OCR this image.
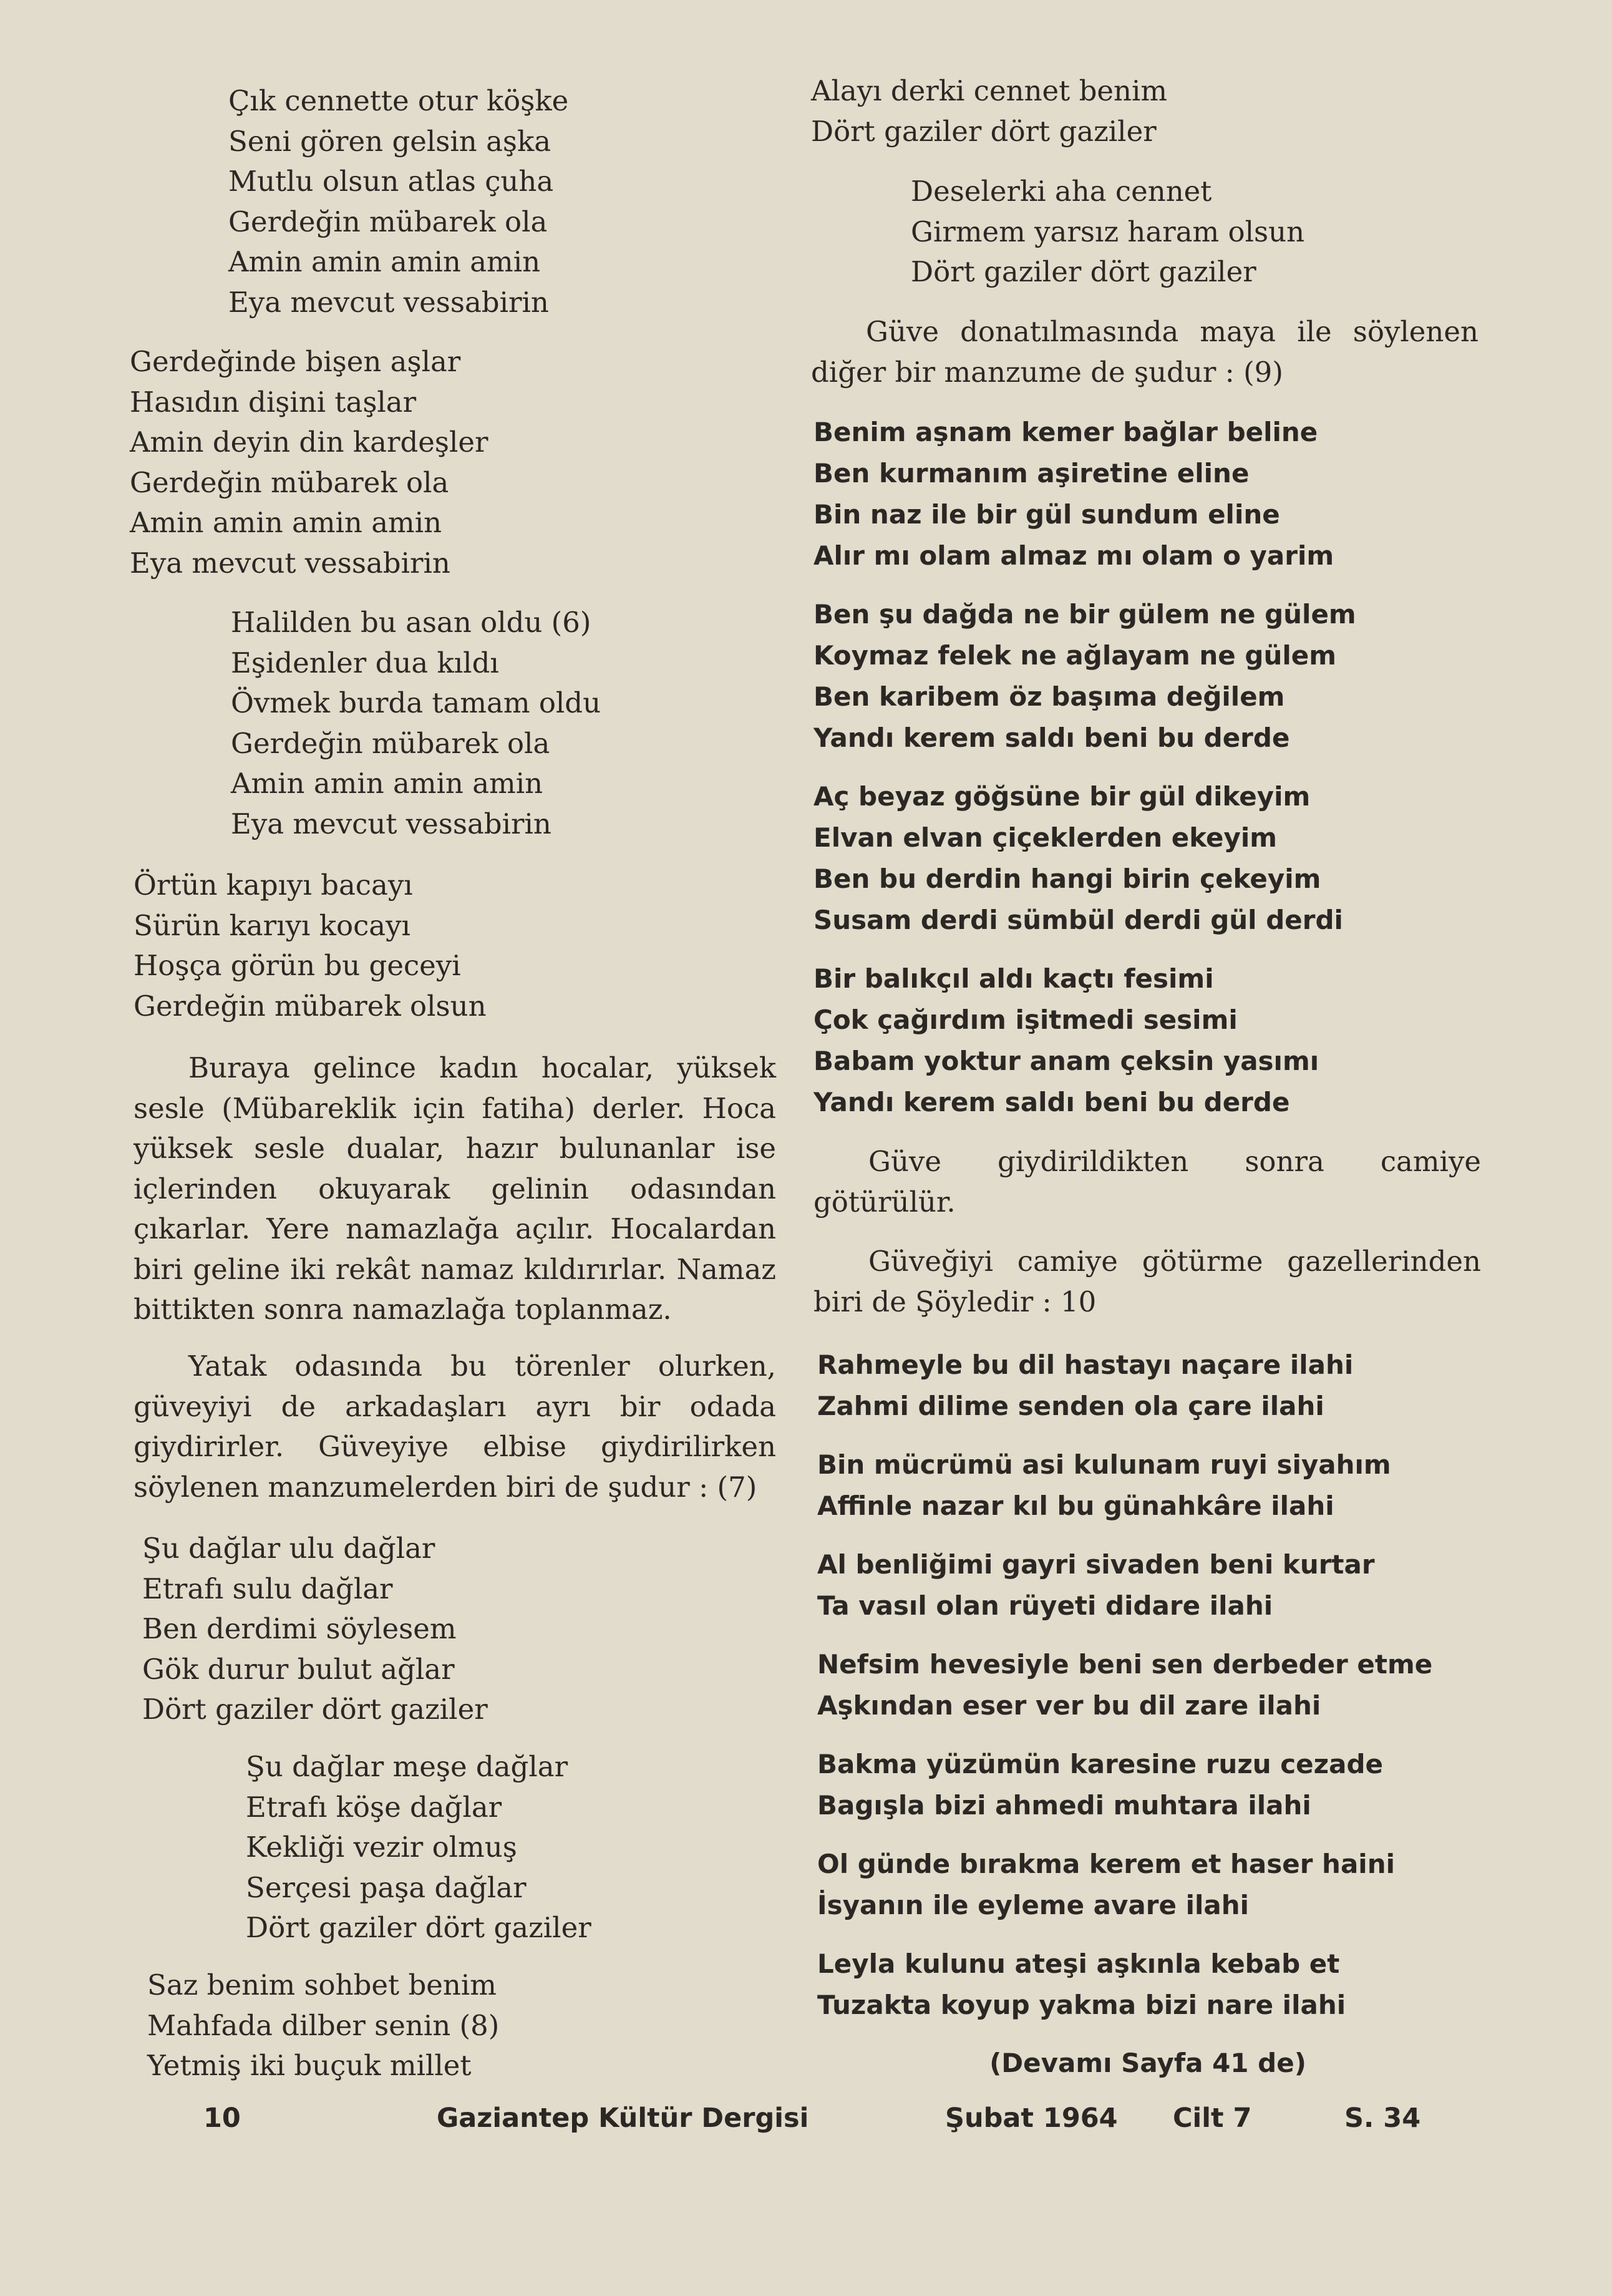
Çık cennette otur köşke
Seni gören gelsin aşka
Mutlu olsun atlas çuha
Gerdeğin mübarek ola
Amin amin amin amin
Eya mevcut vessabirin
Gerdeğinde bişen aşlar
Hasıdın dişini taşlar
Amin deyin din kardeşler
Gerdeğin mübarek ola
Amin amin amin amin
Eya mevcut vessabirin
Halilden bu asan oldu (6)
Eşidenler dua kıldı
Övmek burda tamam oldu
Gerdeğin mübarek ola
Amin amin amin amin
Eya mevcut vessabirin
Örtün kapıyı bacayı
Sürün karıyı kocayı
Hoşça görün bu geceyi
Gerdeğin mübarek olsun

Buraya gelince kadın hocalar, yüksek sesle (Mübareklik için fatiha) derler. Hoca yüksek sesle dualar, hazır bulunanlar ise içlerinden okuyarak gelinin odasından çıkarlar. Yere namazlağa açılır. Hocalardan biri geline iki rekât namaz kıldırırlar. Namaz bittikten sonra namazlağa toplanmaz.

Yatak odasında bu törenler olurken, güveyiyi de arkadaşları ayrı bir odada giydirirler. Güveyiye elbise giydirilirken söylenen manzumelerden biri de şudur : (7)

Şu dağlar ulu dağlar
Etrafı sulu dağlar
Ben derdimi söylesem
Gök durur bulut ağlar
Dört gaziler dört gaziler
Şu dağlar meşe dağlar
Etrafı köşe dağlar
Kekliği vezir olmuş
Serçesi paşa dağlar
Dört gaziler dört gaziler
Saz benim sohbet benim
Mahfada dilber senin (8)
Yetmiş iki buçuk millet
Alayı derki cennet benim
Dört gaziler dört gaziler
Deselerki aha cennet
Girmem yarsız haram olsun
Dört gaziler dört gaziler

Güve donatılmasında maya ile söylenen diğer bir manzume de şudur : (9)

Benim aşnam kemer bağlar beline
Ben kurmanım aşiretine eline
Bin naz ile bir gül sundum eline
Alır mı olam almaz mı olam o yarim
Ben şu dağda ne bir gülem ne gülem
Koymaz felek ne ağlayam ne gülem
Ben karibem öz başıma değilem
Yandı kerem saldı beni bu derde
Aç beyaz göğsüne bir gül dikeyim
Elvan elvan çiçeklerden ekeyim
Ben bu derdin hangi birin çekeyim
Susam derdi sümbül derdi gül derdi
Bir balıkçıl aldı kaçtı fesimi
Çok çağırdım işitmedi sesimi
Babam yoktur anam çeksin yasımı
Yandı kerem saldı beni bu derde

Güve giydirildikten sonra camiye götürülür.

Güveğiyi camiye götürme gazellerinden biri de Şöyledir : 10

Rahmeyle bu dil hastayı naçare ilahi
Zahmi dilime senden ola çare ilahi
Bin mücrümü asi kulunam ruyi siyahım
Affinle nazar kıl bu günahkâre ilahi
Al benliğimi gayri sivaden beni kurtar
Ta vasıl olan rüyeti didare ilahi
Nefsim hevesiyle beni sen derbeder etme
Aşkından eser ver bu dil zare ilahi
Bakma yüzümün karesine ruzu cezade
Bagışla bizi ahmedi muhtara ilahi
Ol günde bırakma kerem et haser haini
İsyanın ile eyleme avare ilahi
Leyla kulunu ateşi aşkınla kebab et
Tuzakta koyup yakma bizi nare ilahi
(Devamı Sayfa 41 de)
10	Gaziantep Kültür Dergisi	Şubat 1964 Cilt 7	S. 34
